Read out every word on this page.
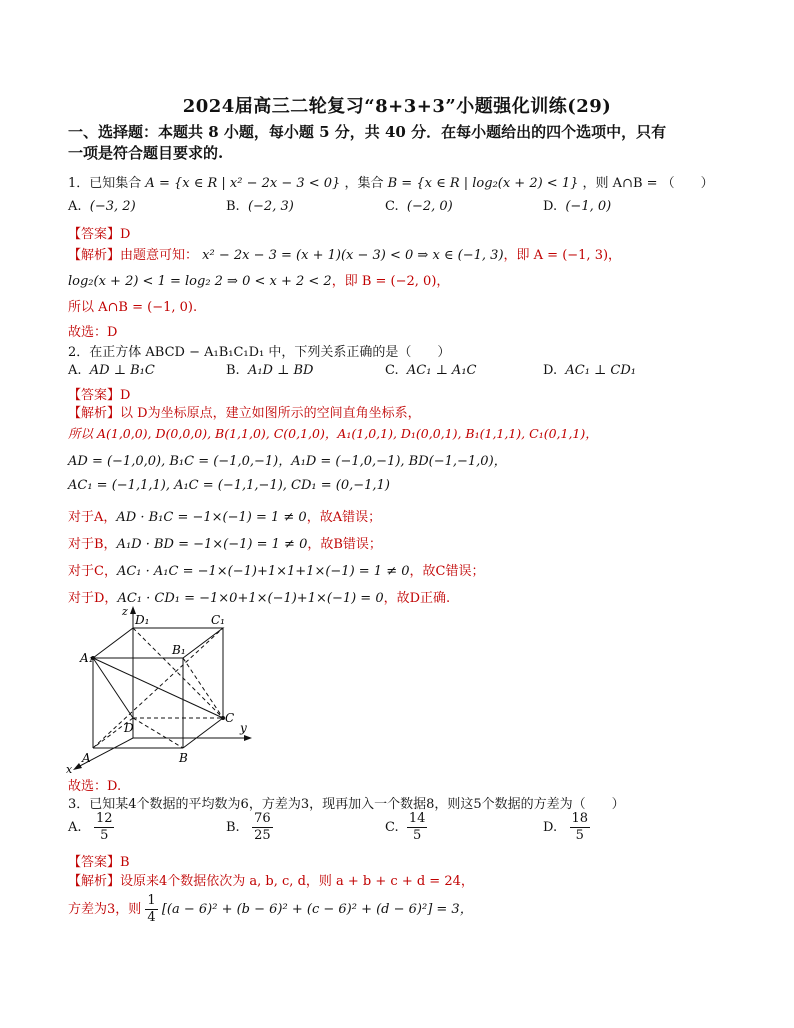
2024届高三二轮复习“8+3+3”小题强化训练(29)
一、选择题：本题共 8 小题，每小题 5 分，共 40 分．在每小题给出的四个选项中，只有
一项是符合题目要求的.
1．已知集合 A = {x ∈ R | x² − 2x − 3 < 0} ，集合 B = {x ∈ R | log₂(x + 2) < 1} ，则 A∩B = （　　）
A. (−3, 2)	B. (−2, 3)	C. (−2, 0)	D. (−1, 0)
【答案】D
【解析】由题意可知： x² − 2x − 3 = (x + 1)(x − 3) < 0 ⇒ x ∈ (−1, 3)，即 A = (−1, 3)，
log₂(x + 2) < 1 = log₂ 2 ⇒ 0 < x + 2 < 2，即 B = (−2, 0)，
所以 A∩B = (−1, 0).
故选：D
2．在正方体 ABCD − A₁B₁C₁D₁ 中，下列关系正确的是（　　）
A. AD ⊥ B₁C	B. A₁D ⊥ BD	C. AC₁ ⊥ A₁C	D. AC₁ ⊥ CD₁
【答案】D
【解析】以 D为坐标原点，建立如图所示的空间直角坐标系，
所以 A(1,0,0), D(0,0,0), B(1,1,0), C(0,1,0)，A₁(1,0,1), D₁(0,0,1), B₁(1,1,1), C₁(0,1,1)，
AD = (−1,0,0), B₁C = (−1,0,−1)，A₁D = (−1,0,−1), BD(−1,−1,0)，
AC₁ = (−1,1,1), A₁C = (−1,1,−1), CD₁ = (0,−1,1)
对于A，AD · B₁C = −1×(−1) = 1 ≠ 0，故A错误；
对于B，A₁D · BD = −1×(−1) = 1 ≠ 0，故B错误；
对于C，AC₁ · A₁C = −1×(−1)+1×1+1×(−1) = 1 ≠ 0，故C错误；
对于D，AC₁ · CD₁ = −1×0+1×(−1)+1×(−1) = 0，故D正确.
z
y
x
A₁
B₁
C₁
D₁
C
D
B
A
故选：D.
3．已知某4个数据的平均数为6，方差为3，现再加入一个数据8，则这5个数据的方差为（　　）
A. $\frac{12}{5}$	B. $\frac{76}{25}$	C. $\frac{14}{5}$	D. $\frac{18}{5}$
【答案】B
【解析】设原来4个数据依次为 a, b, c, d，则 a + b + c + d = 24，
方差为3，则 $\frac{1}{4} [(a - 6)^2 + (b - 6)^2 + (c - 6)^2 + (d - 6)^2] = 3$，
